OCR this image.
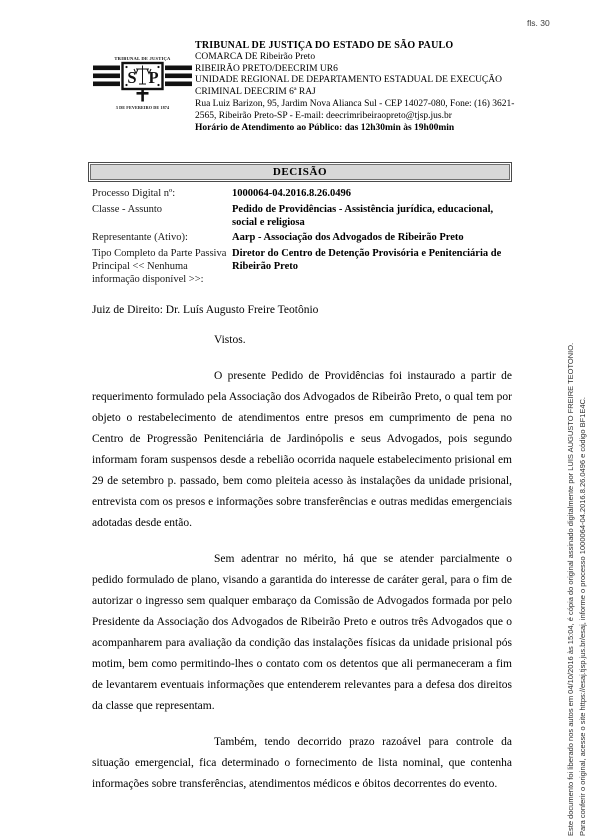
fls. 30
TRIBUNAL DE JUSTIÇA
S P
3 DE FEVEREIRO DE 1874
TRIBUNAL DE JUSTIÇA DO ESTADO DE SÃO PAULO
COMARCA DE Ribeirão Preto
RIBEIRÃO PRETO/DEECRIM UR6
UNIDADE REGIONAL DE DEPARTAMENTO ESTADUAL DE EXECUÇÃO CRIMINAL DEECRIM 6ª RAJ
Rua Luiz Barizon, 95, Jardim Nova Alianca Sul - CEP 14027-080, Fone: (16) 3621-2565, Ribeirão Preto-SP - E-mail: deecrimribeiraopreto@tjsp.jus.br
Horário de Atendimento ao Público: das 12h30min às 19h00min
DECISÃO
Processo Digital nº:	1000064-04.2016.8.26.0496
Classe - Assunto	Pedido de Providências - Assistência jurídica, educacional, social e religiosa
Representante (Ativo):	Aarp - Associação dos Advogados de Ribeirão Preto
Tipo Completo da Parte Passiva Principal << Nenhuma informação disponível >>:	Diretor do Centro de Detenção Provisória e Penitenciária de Ribeirão Preto

Juiz de Direito: Dr. Luís Augusto Freire Teotônio

Vistos.

O presente Pedido de Providências foi instaurado a partir de requerimento formulado pela Associação dos Advogados de Ribeirão Preto, o qual tem por objeto o restabelecimento de atendimentos entre presos em cumprimento de pena no Centro de Progressão Penitenciária de Jardinópolis e seus Advogados, pois segundo informam foram suspensos desde a rebelião ocorrida naquele estabelecimento prisional em 29 de setembro p. passado, bem como pleiteia acesso às instalações da unidade prisional, entrevista com os presos e informações sobre transferências e outras medidas emergenciais adotadas desde então.

Sem adentrar no mérito, há que se atender parcialmente o pedido formulado de plano, visando a garantida do interesse de caráter geral, para o fim de autorizar o ingresso sem qualquer embaraço da Comissão de Advogados formada por pelo Presidente da Associação dos Advogados de Ribeirão Preto e outros três Advogados que o acompanharem para avaliação da condição das instalações físicas da unidade prisional pós motim, bem como permitindo-lhes o contato com os detentos que ali permaneceram a fim de levantarem eventuais informações que entenderem relevantes para a defesa dos direitos da classe que representam.

Também, tendo decorrido prazo razoável para controle da situação emergencial, fica determinado o fornecimento de lista nominal, que contenha informações sobre transferências, atendimentos médicos e óbitos decorrentes do evento.	Este documento foi liberado nos autos em 04/10/2016 às 15:04, é cópia do original assinado digitalmente por LUIS AUGUSTO FREIRE TEOTONIO. Para conferir o original, acesse o site https://esaj.tjsp.jus.br/esaj, informe o processo 1000064-04.2016.8.26.0496 e código BF1E4C.
